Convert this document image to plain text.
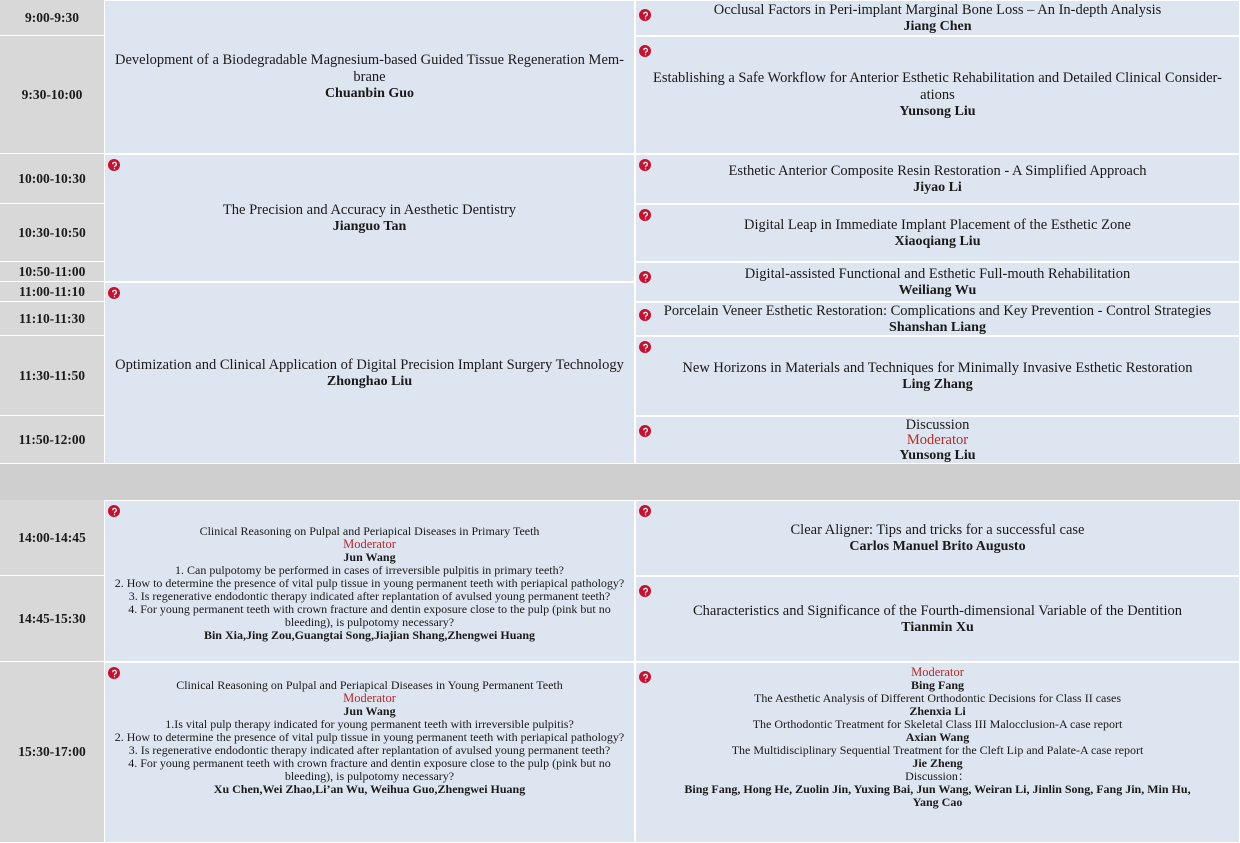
9:00-9:30
9:30-10:00
10:00-10:30
10:30-10:50
10:50-11:00
11:00-11:10
11:10-11:30
11:30-11:50
11:50-12:00
14:00-14:45
14:45-15:30
15:30-17:00
Development of a Biodegradable Magnesium-based Guided Tissue Regeneration Mem-
brane
Chuanbin Guo
The Precision and Accuracy in Aesthetic Dentistry
Jianguo Tan
Optimization and Clinical Application of Digital Precision Implant Surgery Technology
Zhonghao Liu
Clinical Reasoning on Pulpal and Periapical Diseases in Primary Teeth
Moderator
Jun Wang
1. Can pulpotomy be performed in cases of irreversible pulpitis in primary teeth?
2. How to determine the presence of vital pulp tissue in young permanent teeth with periapical pathology?
3. Is regenerative endodontic therapy indicated after replantation of avulsed young permanent teeth?
4. For young permanent teeth with crown fracture and dentin exposure close to the pulp (pink but no
bleeding), is pulpotomy necessary?
Bin Xia,Jing Zou,Guangtai Song,Jiajian Shang,Zhengwei Huang
Clinical Reasoning on Pulpal and Periapical Diseases in Young Permanent Teeth
Moderator
Jun Wang
1.Is vital pulp therapy indicated for young permanent teeth with irreversible pulpitis?
2. How to determine the presence of vital pulp tissue in young permanent teeth with periapical pathology?
3. Is regenerative endodontic therapy indicated after replantation of avulsed young permanent teeth?
4. For young permanent teeth with crown fracture and dentin exposure close to the pulp (pink but no
bleeding), is pulpotomy necessary?
Xu Chen,Wei Zhao,Li’an Wu, Weihua Guo,Zhengwei Huang
Occlusal Factors in Peri-implant Marginal Bone Loss – An In-depth Analysis
Jiang Chen
Establishing a Safe Workflow for Anterior Esthetic Rehabilitation and Detailed Clinical Consider-
ations
Yunsong Liu
Esthetic Anterior Composite Resin Restoration - A Simplified Approach
Jiyao Li
Digital Leap in Immediate Implant Placement of the Esthetic Zone
Xiaoqiang Liu
Digital-assisted Functional and Esthetic Full-mouth Rehabilitation
Weiliang Wu
Porcelain Veneer Esthetic Restoration: Complications and Key Prevention - Control Strategies
Shanshan Liang
New Horizons in Materials and Techniques for Minimally Invasive Esthetic Restoration
Ling Zhang
Discussion
Moderator
Yunsong Liu
Clear Aligner: Tips and tricks for a successful case
Carlos Manuel Brito Augusto
Characteristics and Significance of the Fourth-dimensional Variable of the Dentition
Tianmin Xu
Moderator
Bing Fang
The Aesthetic Analysis of Different Orthodontic Decisions for Class II cases
Zhenxia Li
The Orthodontic Treatment for Skeletal Class III Malocclusion-A case report
Axian Wang
The Multidisciplinary Sequential Treatment for the Cleft Lip and Palate-A case report
Jie Zheng
Discussion：
Bing Fang, Hong He, Zuolin Jin, Yuxing Bai, Jun Wang, Weiran Li, Jinlin Song, Fang Jin, Min Hu,
Yang Cao
